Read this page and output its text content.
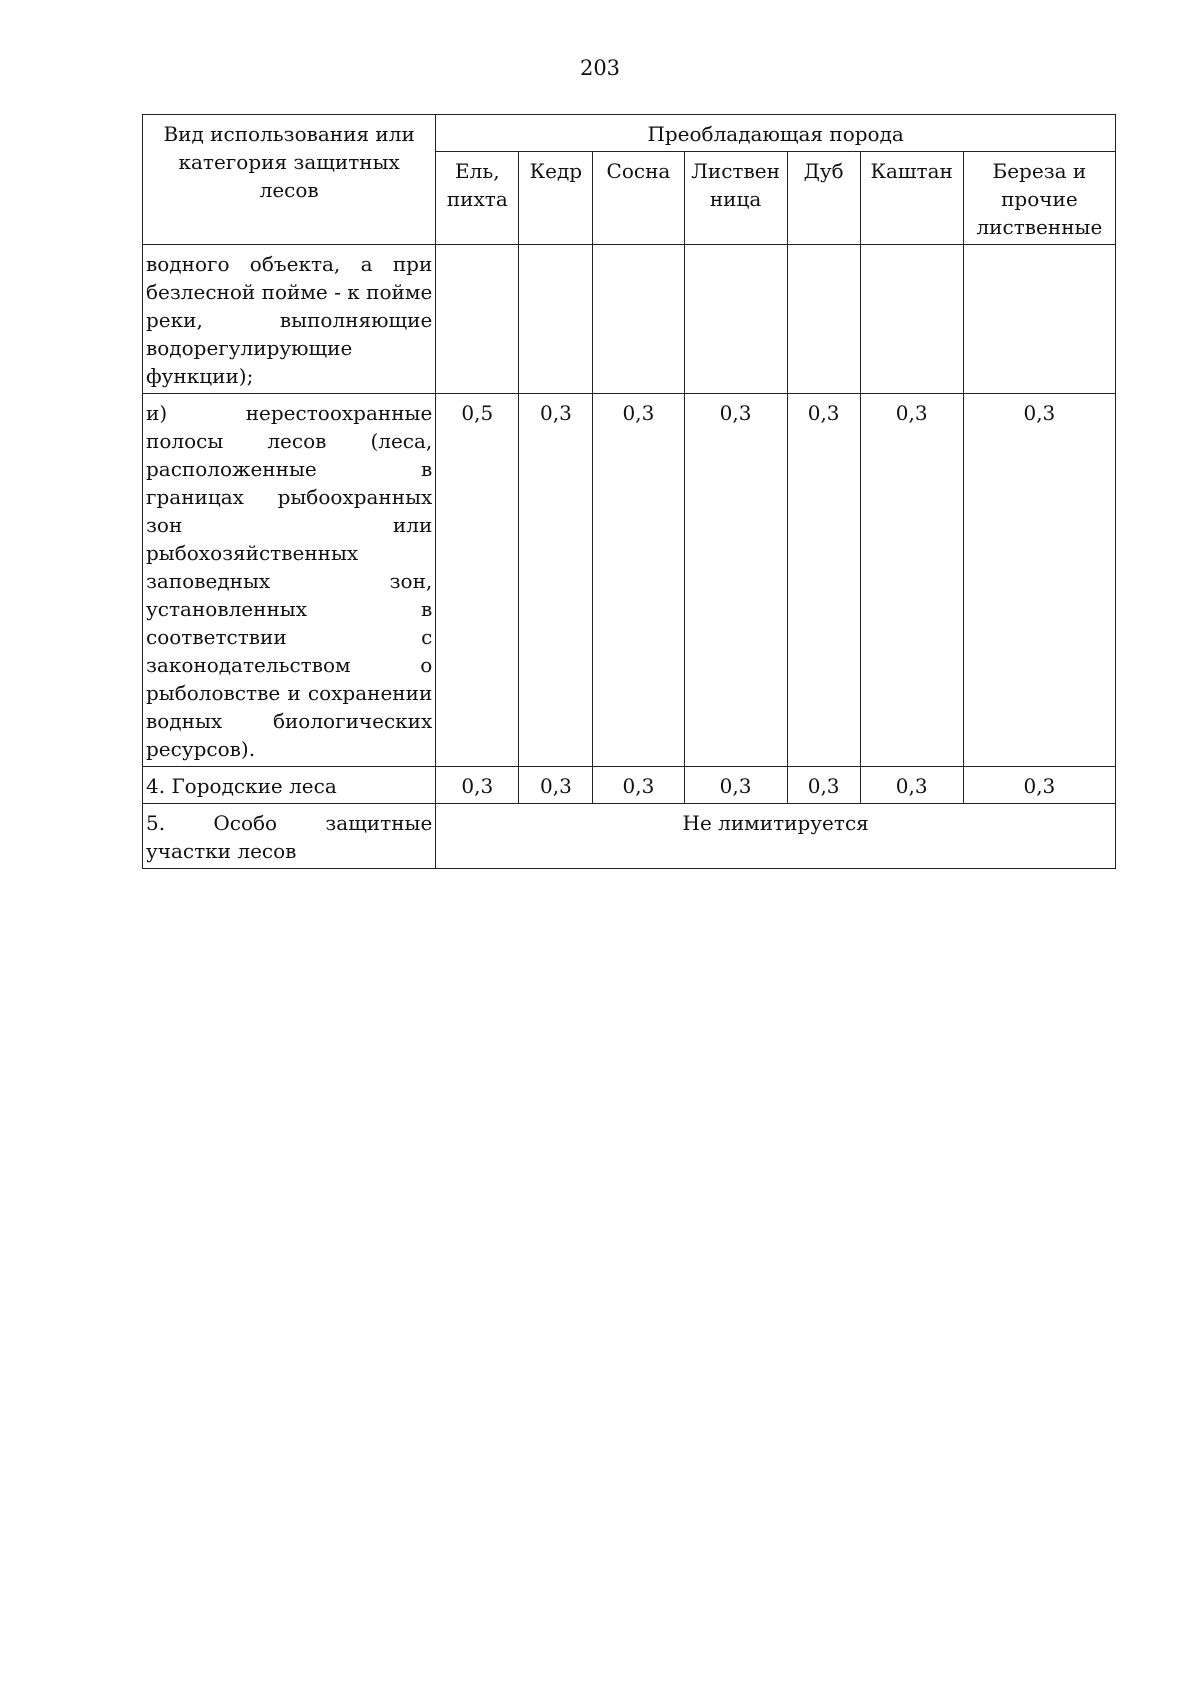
203
Вид использования или категория защитных лесов	Преобладающая порода						
	Ель, пихта	Кедр	Сосна	Листвен ница	Дуб	Каштан	Береза и прочие лиственные
водного объекта, а при безлесной пойме - к пойме реки, выполняющие водорегулирующие функции);							
и) нерестоохранные полосы лесов (леса, расположенные в границах рыбоохранных зон или рыбохозяйственных заповедных зон, установленных в соответствии с законодательством о рыболовстве и сохранении водных биологических ресурсов).	0,5	0,3	0,3	0,3	0,3	0,3	0,3
4. Городские леса	0,3	0,3	0,3	0,3	0,3	0,3	0,3
5. Особо защитные участки лесов	Не лимитируется						
